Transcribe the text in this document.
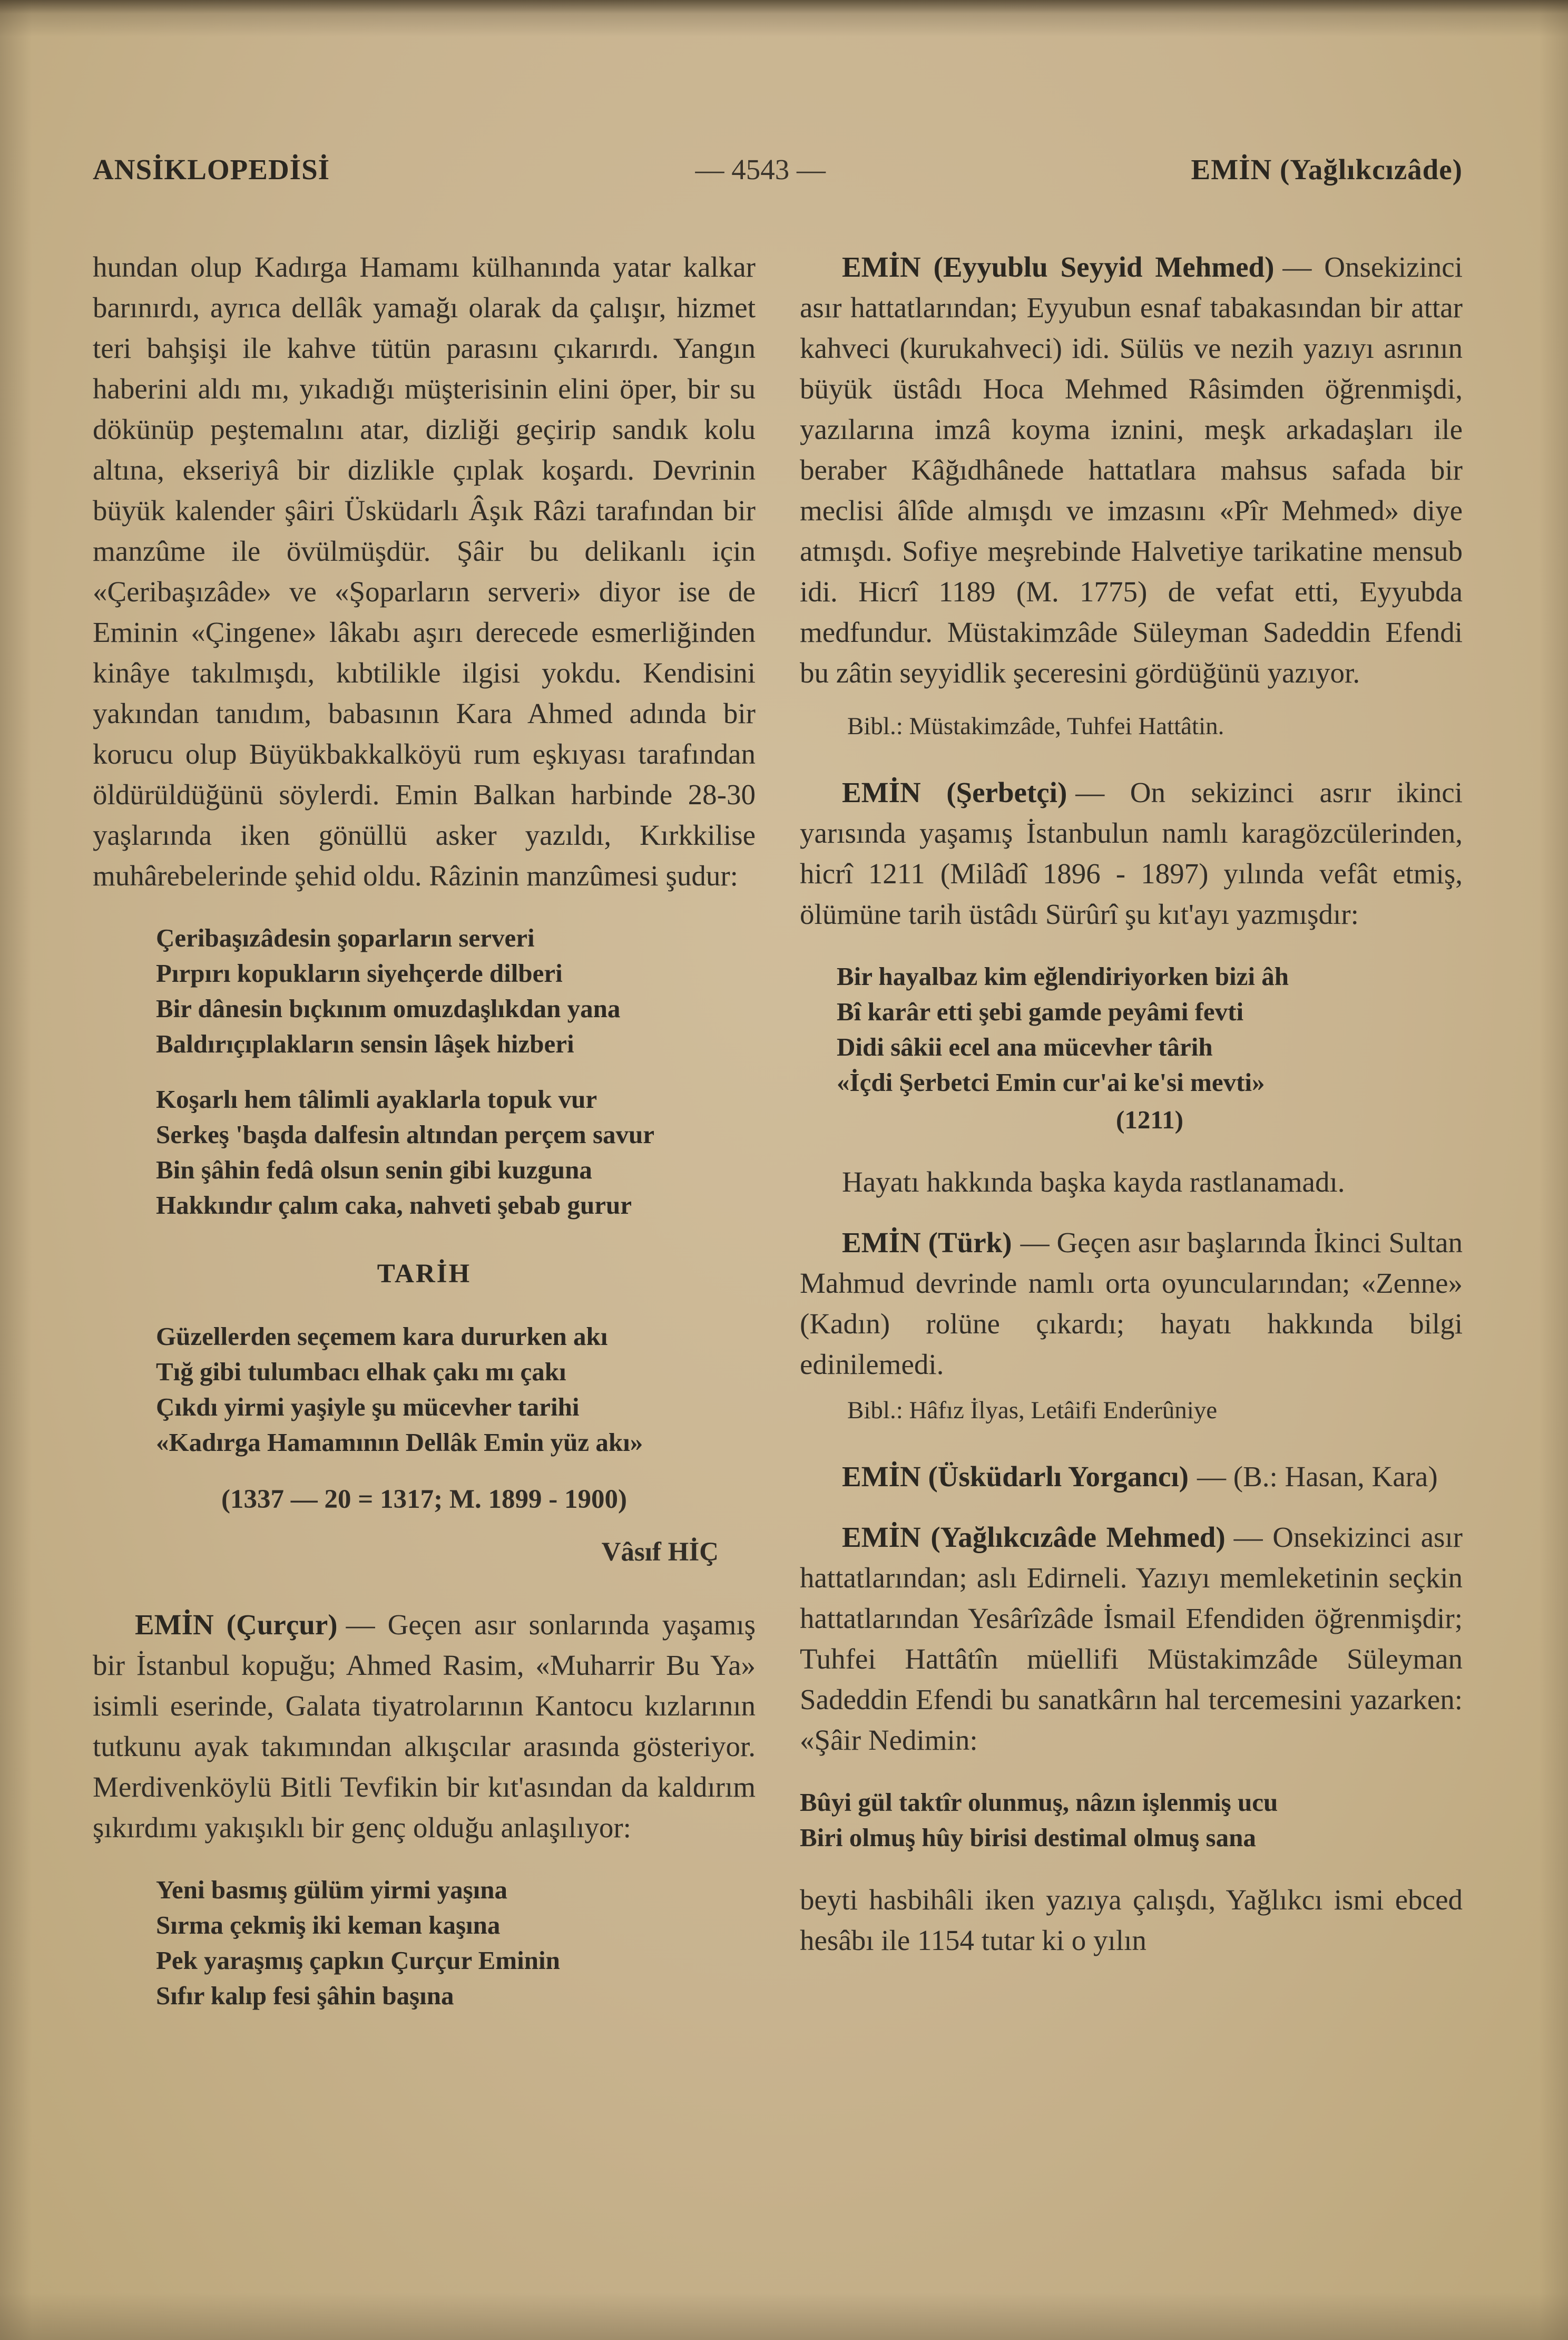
ANSİKLOPEDİSİ	— 4543 —	EMİN (Yağlıkcızâde)

hundan olup Kadırga Hamamı külhanında yatar kalkar barınırdı, ayrıca dellâk yamağı olarak da çalışır, hizmet teri bahşişi ile kahve tütün parasını çıkarırdı. Yangın haberini aldı mı, yıkadığı müşterisinin elini öper, bir su dökünüp peştemalını atar, dizliği geçirip sandık kolu altına, ekseriyâ bir dizlikle çıplak koşardı. Devrinin büyük kalender şâiri Üsküdarlı Âşık Râzi tarafından bir manzûme ile övülmüşdür. Şâir bu delikanlı için «Çeribaşızâde» ve «Şoparların serveri» diyor ise de Eminin «Çingene» lâkabı aşırı derecede esmerliğinden kinâye takılmışdı, kıbtilikle ilgisi yokdu. Kendisini yakından tanıdım, babasının Kara Ahmed adında bir korucu olup Büyükbakkalköyü rum eşkıyası tarafından öldürüldüğünü söylerdi. Emin Balkan harbinde 28-30 yaşlarında iken gönüllü asker yazıldı, Kırkkilise muhârebelerinde şehid oldu. Râzinin manzûmesi şudur:

Çeribaşızâdesin şoparların serveri
Pırpırı kopukların siyehçerde dilberi
Bir dânesin bıçkınım omuzdaşlıkdan yana
Baldırıçıplakların sensin lâşek hizberi
Koşarlı hem tâlimli ayaklarla topuk vur
Serkeş 'başda dalfesin altından perçem savur
Bin şâhin fedâ olsun senin gibi kuzguna
Hakkındır çalım caka, nahveti şebab gurur
TARİH
Güzellerden seçemem kara dururken akı
Tığ gibi tulumbacı elhak çakı mı çakı
Çıkdı yirmi yaşiyle şu mücevher tarihi
«Kadırga Hamamının Dellâk Emin yüz akı»
(1337 — 20 = 1317; M. 1899 - 1900)
Vâsıf HİÇ

EMİN (Çurçur) — Geçen asır sonlarında yaşamış bir İstanbul kopuğu; Ahmed Rasim, «Muharrir Bu Ya» isimli eserinde, Galata tiyatrolarının Kantocu kızlarının tutkunu ayak takımından alkışcılar arasında gösteriyor. Merdivenköylü Bitli Tevfikin bir kıt'asından da kaldırım şıkırdımı yakışıklı bir genç olduğu anlaşılıyor:

Yeni basmış gülüm yirmi yaşına
Sırma çekmiş iki keman kaşına
Pek yaraşmış çapkın Çurçur Eminin
Sıfır kalıp fesi şâhin başına

EMİN (Eyyublu Seyyid Mehmed) — Onsekizinci asır hattatlarından; Eyyubun esnaf tabakasından bir attar kahveci (kurukahveci) idi. Sülüs ve nezih yazıyı asrının büyük üstâdı Hoca Mehmed Râsimden öğrenmişdi, yazılarına imzâ koyma iznini, meşk arkadaşları ile beraber Kâğıdhânede hattatlara mahsus safada bir meclisi âlîde almışdı ve imzasını «Pîr Mehmed» diye atmışdı. Sofiye meşrebinde Halvetiye tarikatine mensub idi. Hicrî 1189 (M. 1775) de vefat etti, Eyyubda medfundur. Müstakimzâde Süleyman Sadeddin Efendi bu zâtin seyyidlik şeceresini gördüğünü yazıyor.

Bibl.: Müstakimzâde, Tuhfei Hattâtin.

EMİN (Şerbetçi) — On sekizinci asrır ikinci yarısında yaşamış İstanbulun namlı karagözcülerinden, hicrî 1211 (Milâdî 1896 - 1897) yılında vefât etmiş, ölümüne tarih üstâdı Sürûrî şu kıt'ayı yazmışdır:

Bir hayalbaz kim eğlendiriyorken bizi âh
Bî karâr etti şebi gamde peyâmi fevti
Didi sâkii ecel ana mücevher târih
«İçdi Şerbetci Emin cur'ai ke'si mevti»
(1211)

Hayatı hakkında başka kayda rastlanamadı.

EMİN (Türk) — Geçen asır başlarında İkinci Sultan Mahmud devrinde namlı orta oyuncularından; «Zenne» (Kadın) rolüne çıkardı; hayatı hakkında bilgi edinilemedi.

Bibl.: Hâfız İlyas, Letâifi Enderûniye

EMİN (Üsküdarlı Yorgancı) — (B.: Hasan, Kara)

EMİN (Yağlıkcızâde Mehmed) — Onsekizinci asır hattatlarından; aslı Edirneli. Yazıyı memleketinin seçkin hattatlarından Yesârîzâde İsmail Efendiden öğrenmişdir; Tuhfei Hattâtîn müellifi Müstakimzâde Süleyman Sadeddin Efendi bu sanatkârın hal tercemesini yazarken: «Şâir Nedimin:

Bûyi gül taktîr olunmuş, nâzın işlenmiş ucu
Biri olmuş hûy birisi destimal olmuş sana

beyti hasbihâli iken yazıya çalışdı, Yağlıkcı ismi ebced hesâbı ile 1154 tutar ki o yılın
